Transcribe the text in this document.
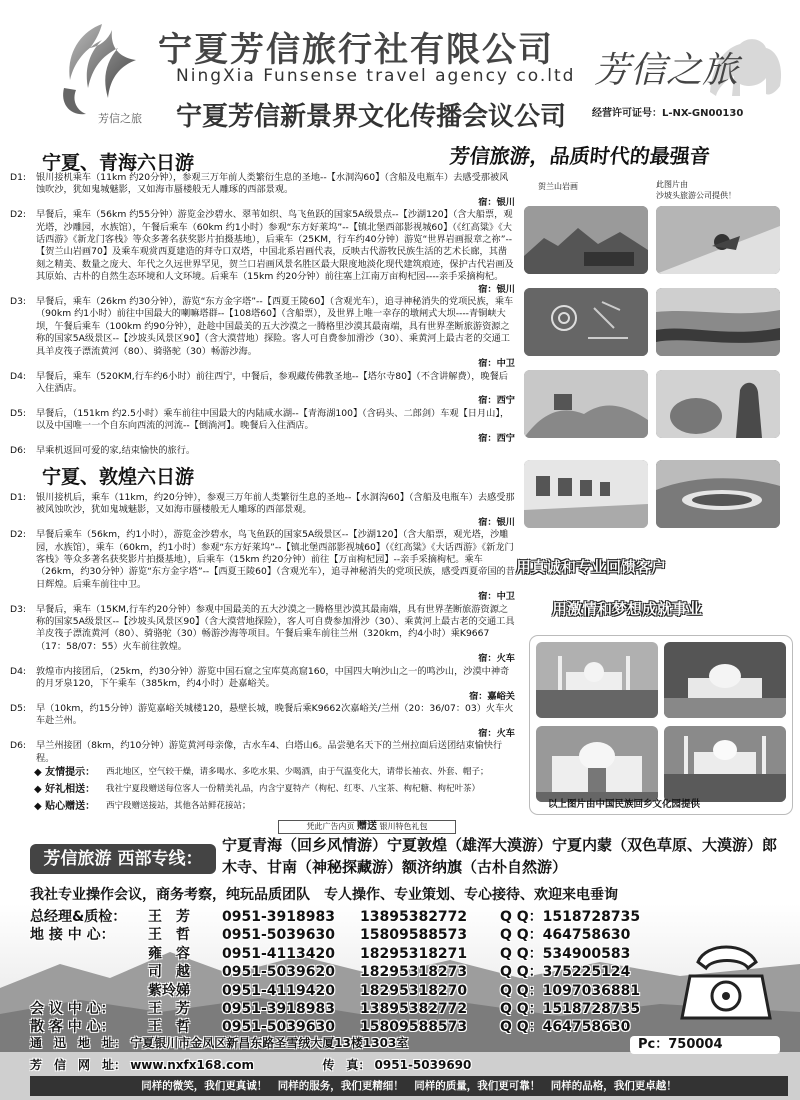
芳信之旅
宁夏芳信旅行社有限公司
NingXia Funsense travel agency co.ltd
宁夏芳信新景界文化传播会议公司
芳信之旅
经营许可证号：L-NX-GN00130
芳信旅游，品质时代的最强音
宁夏、青海六日游
D1: 银川接机乘车（11km 约20分钟），参观三万年前人类繁衍生息的圣地--【水洞沟60】（含船及电瓶车）去感受那被风蚀吹沙，犹如鬼城魅影，又如海市蜃楼般无人雕琢的西部景观。
宿：银川
D2: 早餐后，乘车（56km 约55分钟）游览金沙碧水、翠苇如织、鸟飞鱼跃的国家5A级景点--【沙湖120】（含大船票，观光塔，沙雕园，水族馆），午餐后乘车（60km 约1小时）参观“东方好莱坞”--【镇北堡西部影视城60】（《红高粱》《大话西游》《新龙门客栈》等众多著名获奖影片拍摄基地），后乘车（25KM，行车约40分钟）游览“世界岩画报章之祢”--【贺兰山岩画70】及乘车观赏西夏建造的拜寺口双塔，中国北系岩画代表，反映古代游牧民族生活的艺术长廊，其凿刻之精美、数量之庞大、年代之久远世界罕见，贺兰口岩画风景名胜区最大限度地淡化现代建筑痕迹，保护古代岩画及其原始、古朴的自然生态环境和人文环境。后乘车（15km 约20分钟）前往塞上江南万亩枸杞园----亲手采摘枸杞。
宿：银川
D3: 早餐后，乘车（26km 约30分钟），游览“东方金字塔”--【西夏王陵60】（含观光车），追寻神秘消失的党项民族，乘车（90km 约1小时）前往中国最大的喇嘛塔群--【108塔60】（含船票），及世界上唯一幸存的墩闸式大坝----青铜峡大坝，午餐后乘车（100km 约90分钟），赴趁中国最美的五大沙漠之一腾格里沙漠其最南端，具有世界垄断旅游资源之称的国家5A级景区--【沙坡头风景区90】（含大漠营地）探险。客人可自费参加滑沙（30）、乘黄河上最古老的交通工具羊皮筏子漂流黄河（80）、骑骆驼（30）畅游沙海。
宿：中卫
D4: 早餐后，乘车（520KM,行车约6小时）前往西宁，中餐后，参观藏传佛教圣地--【塔尔寺80】（不含讲解费），晚餐后入住酒店。
宿：西宁
D5: 早餐后，（151km 约2.5小时）乘车前往中国最大的内陆咸水湖--【青海湖100】（含码头、二郎剑）车观【日月山】，以及中国唯一一个自东向西流的河流--【倒淌河】。晚餐后入住酒店。
宿：西宁
D6: 早乘机返回可爱的家,结束愉快的旅行。
宁夏、敦煌六日游
D1: 银川接机后，乘车（11km，约20分钟），参观三万年前人类繁衍生息的圣地--【水洞沟60】（含船及电瓶车）去感受那被风蚀吹沙，犹如鬼城魅影，又如海市蜃楼般无人雕琢的西部景观。
宿：银川
D2: 早餐后乘车（56km，约1小时），游览金沙碧水，鸟飞鱼跃的国家5A级景区--【沙湖120】（含大船票，观光塔，沙雕园，水族馆），乘车（60km，约1小时）参观“东方好莱坞”--【镇北堡西部影视城60】（《红高粱》《大话西游》《新龙门客栈》等众多著名获奖影片拍摄基地），后乘车（15km 约20分钟）前往【万亩枸杞园】--亲手采摘枸杞。乘车（26km，约30分钟）游览“东方金字塔”--【西夏王陵60】（含观光车），追寻神秘消失的党项民族，感受西夏帝国的昔日辉煌。后乘车前往中卫。
宿：中卫
D3: 早餐后，乘车（15KM,行车约20分钟）参观中国最美的五大沙漠之一腾格里沙漠其最南端，具有世界垄断旅游资源之称的国家5A级景区--【沙坡头风景区90】（含大漠营地探险），客人可自费参加滑沙（30）、乘黄河上最古老的交通工具羊皮筏子漂流黄河（80）、骑骆驼（30）畅游沙海等项目。午餐后乘车前往兰州（320km，约4小时）乘K9667（17：58/07：55）火车前往敦煌。
宿：火车
D4: 敦煌市内接团后，（25km，约30分钟）游览中国石窟之宝库莫高窟160，中国四大响沙山之一的鸣沙山，沙漠中神奇的月牙泉120，下午乘车（385km，约4小时）赴嘉峪关。
宿：嘉峪关
D5: 早（10km，约15分钟）游览嘉峪关城楼120，悬壁长城，晚餐后乘K9662次嘉峪关/兰州（20：36/07：03）火车火车赴兰州。
宿：火车
D6: 早兰州接团（8km，约10分钟）游览黄河母亲像，古水车4、白塔山6。品尝驰名天下的兰州拉面后送团结束愉快行程。
贺兰山岩画	此图片由
沙坡头旅游公司提供！
用真诚和专业回馈客户
用激情和梦想成就事业
以上图片由中国民族回乡文化园提供
◆ 友情提示： 西北地区，空气较干燥，请多喝水、多吃水果、少喝酒，由于气温变化大，请带长袖衣、外套、帽子；
◆ 好礼相送： 我社宁夏段赠送每位客人一份精美礼品，内含宁夏特产（枸杞、红枣、八宝茶、枸杞糖、枸杞叶茶）
◆ 贴心赠送： 西宁段赠送接站，其他各站鲜花接站；
凭此广告内页 赠送 银川特色礼包
芳信旅游 西部专线：
宁夏青海（回乡风情游）宁夏敦煌（雄浑大漠游）宁夏内蒙（双色草原、大漠游）郎木寺、甘南（神秘探藏游）额济纳旗（古朴自然游）
我社专业操作会议，商务考察，纯玩品质团队　专人操作、专业策划、专心接待、欢迎来电垂询
总经理&质检： 王　芳 0951-3918983 13895382772 Q Q：1518728735
地 接 中 心： 王　哲 0951-5039630 15809588573 Q Q：464758630
雍　容 0951-4113420 18295318271 Q Q：534900583
司　越 0951-5039620 18295318273 Q Q：375225124
紫玲娣 0951-4119420 18295318270 Q Q：1097036881
会 议 中 心： 王　芳 0951-3918983 13895382772 Q Q：1518728735
散 客 中 心： 王　哲 0951-5039630 15809588573 Q Q：464758630
通　迅　地　址： 宁夏银川市金凤区新昌东路圣雪绒大厦13楼1303室	Pc：750004
芳　信　网　址： www.nxfx168.com	传　真： 0951-5039690
同样的微笑，我们更真诚！　同样的服务，我们更精细！　同样的质量，我们更可靠！　同样的品格，我们更卓越！
